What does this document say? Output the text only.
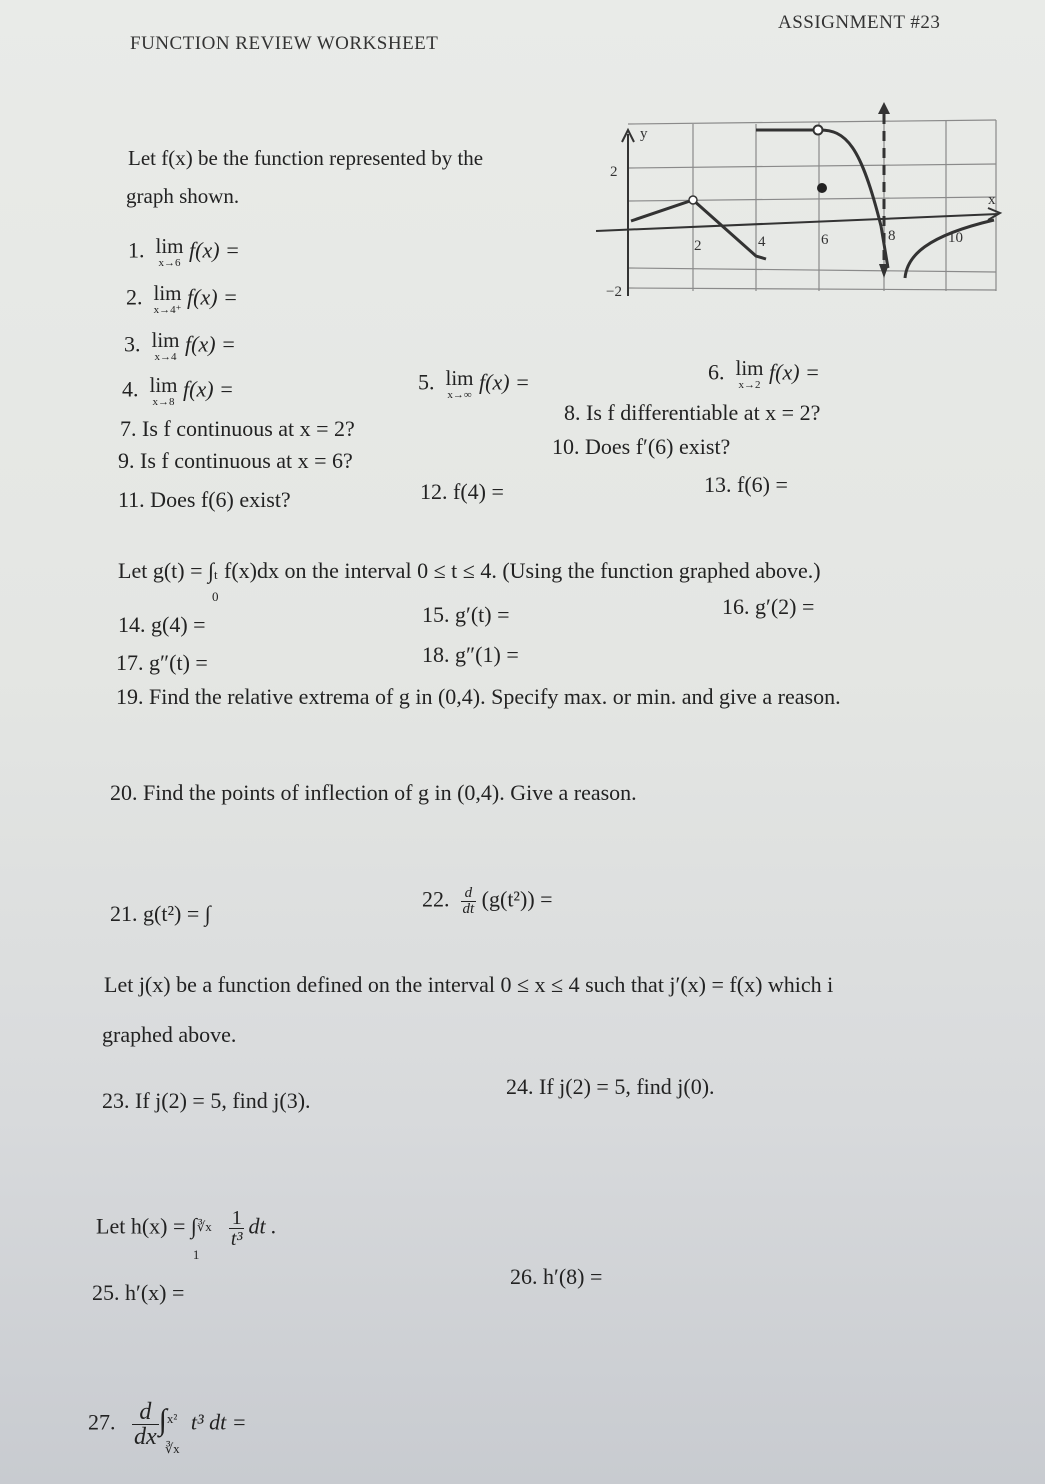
FUNCTION REVIEW WORKSHEET
ASSIGNMENT #23
Let f(x) be the function represented by the
graph shown.
y
x
2
−2
2	4	6	8	10
1. lim
x→6
f(x) =
2. lim
x→4⁺
f(x) =
3. lim
x→4
f(x) =
4. lim
x→8
f(x) =	5. lim
x→∞
f(x) =	6. lim
x→2
f(x) =
7. Is f continuous at x = 2?
8. Is f differentiable at x = 2?
9. Is f continuous at x = 6?
10. Does f′(6) exist?
11. Does f(6) exist?	12. f(4) =	13. f(6) =
Let g(t) = ∫ t
0
f(x)dx on the interval 0 ≤ t ≤ 4. (Using the function graphed above.)
14. g(4) =	15. g′(t) =	16. g′(2) =
17. g″(t) =	18. g″(1) =
19. Find the relative extrema of g in (0,4). Specify max. or min. and give a reason.
20. Find the points of inflection of g in (0,4). Give a reason.
21. g(t²) = ∫
22. $\frac{d}{dt} (g(t^2))$ =
Let j(x) be a function defined on the interval 0 ≤ x ≤ 4 such that j′(x) = f(x) which i
graphed above.
23. If j(2) = 5, find j(3).
24. If j(2) = 5, find j(0).
Let h(x) = ∫ ∛x
1
$\frac{1}{\text{t³}}$ dt .
25. h′(x) =
26. h′(8) =
27. $\frac{d}{dx}$ ∫ x²
∛x
t³ dt =
